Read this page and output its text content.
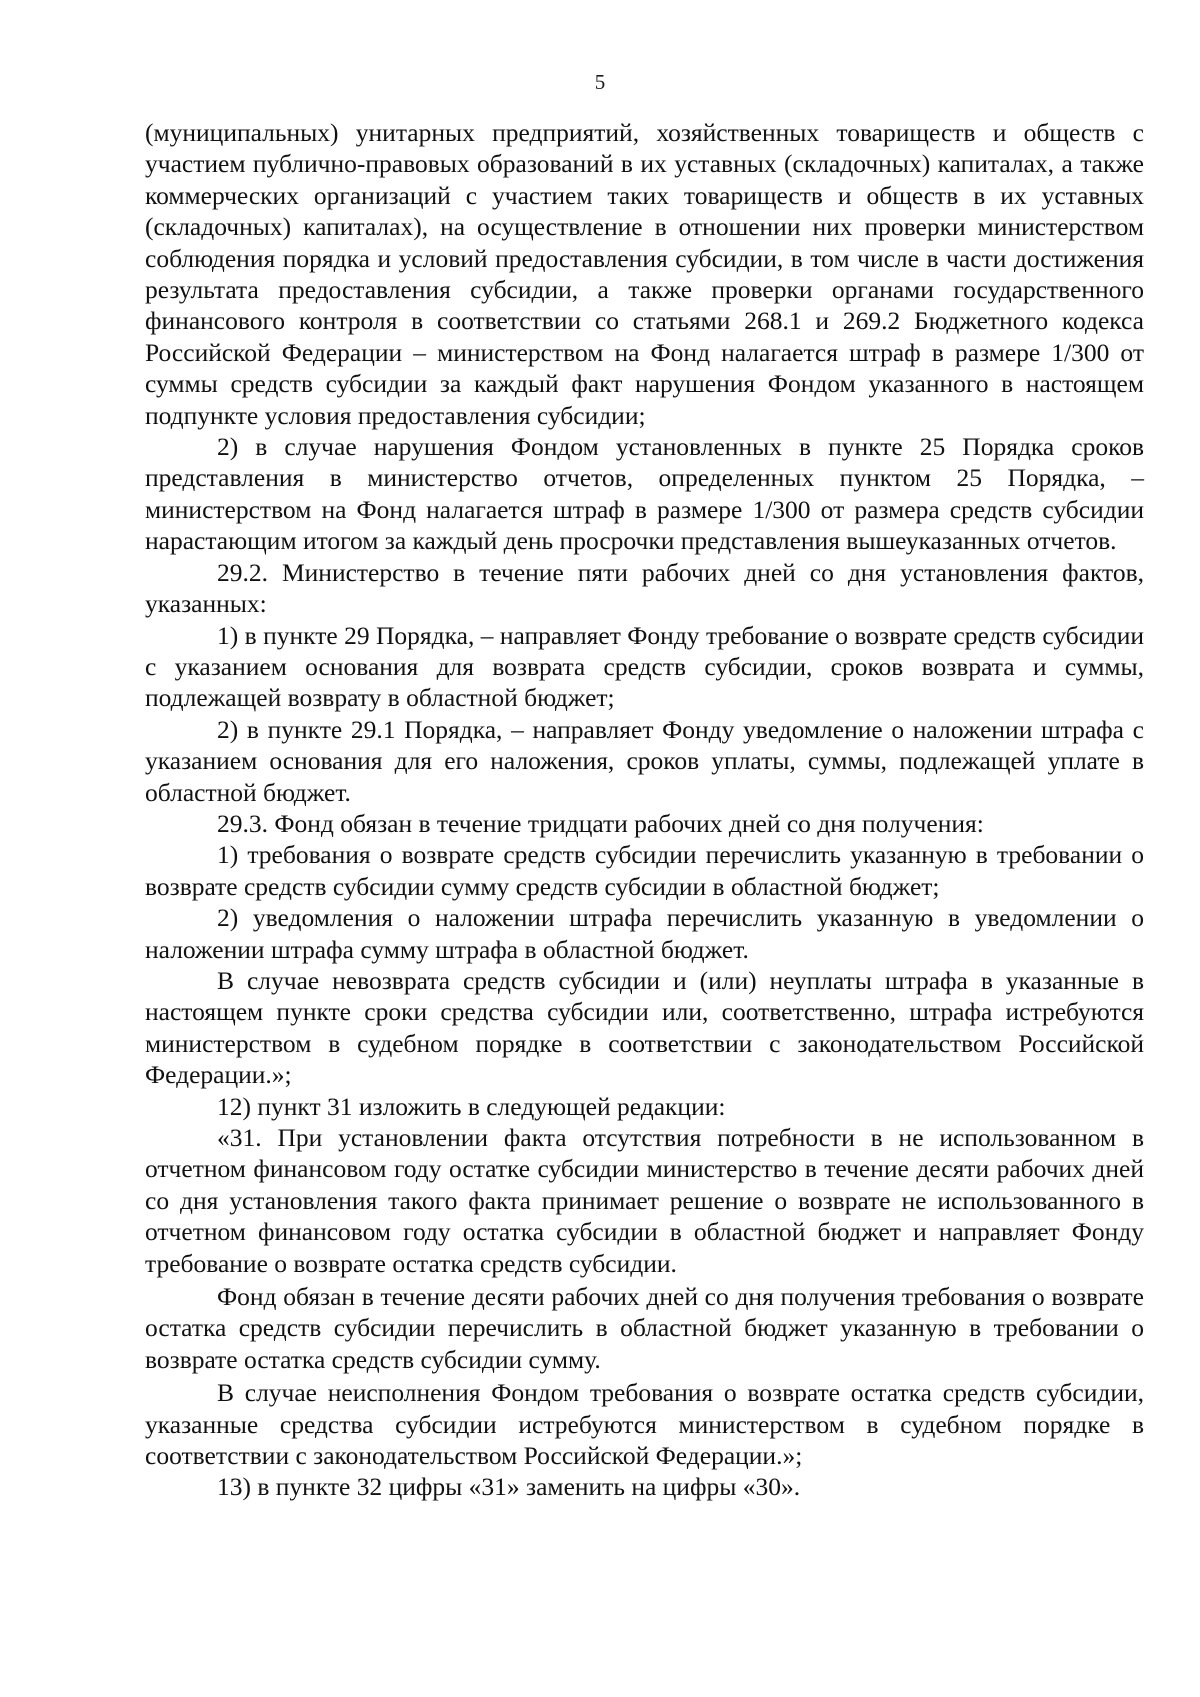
5

(муниципальных) унитарных предприятий, хозяйственных товариществ и обществ с участием публично-правовых образований в их уставных (складочных) капиталах, а также коммерческих организаций с участием таких товариществ и обществ в их уставных (складочных) капиталах), на осуществление в отношении них проверки министерством соблюдения порядка и условий предоставления субсидии, в том числе в части достижения результата предоставления субсидии, а также проверки органами государственного финансового контроля в соответствии со статьями 268.1 и 269.2 Бюджетного кодекса Российской Федерации – министерством на Фонд налагается штраф в размере 1/300 от суммы средств субсидии за каждый факт нарушения Фондом указанного в настоящем подпункте условия предоставления субсидии;

2) в случае нарушения Фондом установленных в пункте 25 Порядка сроков представления в министерство отчетов, определенных пунктом 25 Порядка, – министерством на Фонд налагается штраф в размере 1/300 от размера средств субсидии нарастающим итогом за каждый день просрочки представления вышеуказанных отчетов.

29.2. Министерство в течение пяти рабочих дней со дня установления фактов, указанных:

1) в пункте 29 Порядка, – направляет Фонду требование о возврате средств субсидии с указанием основания для возврата средств субсидии, сроков возврата и суммы, подлежащей возврату в областной бюджет;

2) в пункте 29.1 Порядка, – направляет Фонду уведомление о наложении штрафа с указанием основания для его наложения, сроков уплаты, суммы, подлежащей уплате в областной бюджет.

29.3. Фонд обязан в течение тридцати рабочих дней со дня получения:

1) требования о возврате средств субсидии перечислить указанную в требовании о возврате средств субсидии сумму средств субсидии в областной бюджет;

2) уведомления о наложении штрафа перечислить указанную в уведомлении о наложении штрафа сумму штрафа в областной бюджет.

В случае невозврата средств субсидии и (или) неуплаты штрафа в указанные в настоящем пункте сроки средства субсидии или, соответственно, штрафа истребуются министерством в судебном порядке в соответствии с законодательством Российской Федерации.»;

12) пункт 31 изложить в следующей редакции:

«31. При установлении факта отсутствия потребности в не использованном в отчетном финансовом году остатке субсидии министерство в течение десяти рабочих дней со дня установления такого факта принимает решение о возврате не использованного в отчетном финансовом году остатка субсидии в областной бюджет и направляет Фонду требование о возврате остатка средств субсидии.

Фонд обязан в течение десяти рабочих дней со дня получения требования о возврате остатка средств субсидии перечислить в областной бюджет указанную в требовании о возврате остатка средств субсидии сумму.

В случае неисполнения Фондом требования о возврате остатка средств субсидии, указанные средства субсидии истребуются министерством в судебном порядке в соответствии с законодательством Российской Федерации.»;

13) в пункте 32 цифры «31» заменить на цифры «30».
